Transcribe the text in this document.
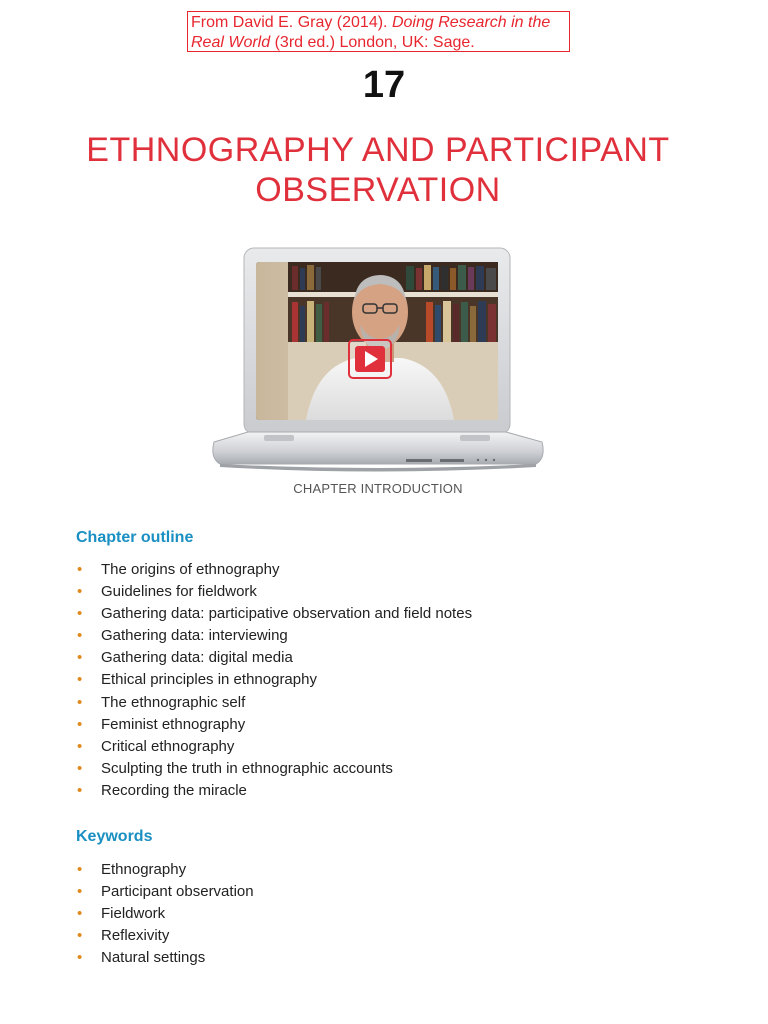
From David E. Gray (2014). Doing Research in the
Real World (3rd ed.) London, UK: Sage.
17
ETHNOGRAPHY AND PARTICIPANT
OBSERVATION
CHAPTER INTRODUCTION
Chapter outline
• The origins of ethnography
• Guidelines for fieldwork
• Gathering data: participative observation and field notes
• Gathering data: interviewing
• Gathering data: digital media
• Ethical principles in ethnography
• The ethnographic self
• Feminist ethnography
• Critical ethnography
• Sculpting the truth in ethnographic accounts
• Recording the miracle
Keywords
• Ethnography
• Participant observation
• Fieldwork
• Reflexivity
• Natural settings
